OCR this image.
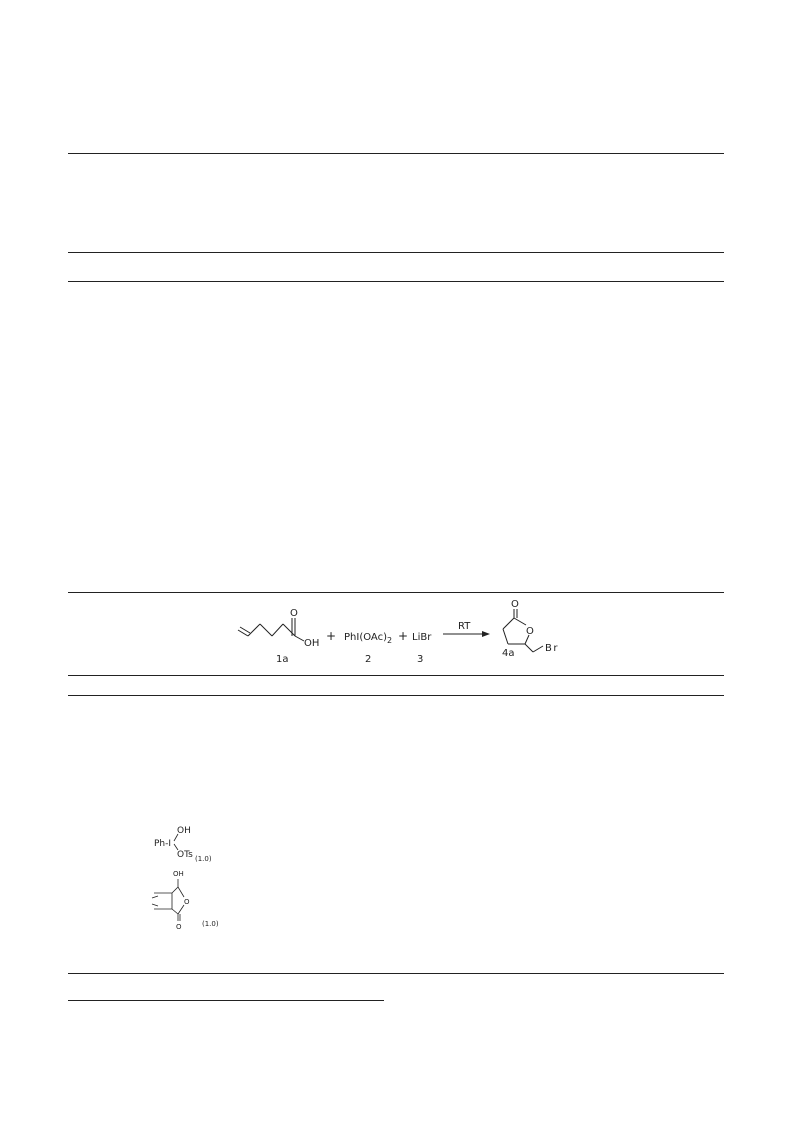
O
OH
1a
+ $PhI(OAc)_2$
2
+ LiBr
3
RT
O
O
Br
4a
OH
Ph-I
OTs (1.0)
OH
O
O	(1.0)
